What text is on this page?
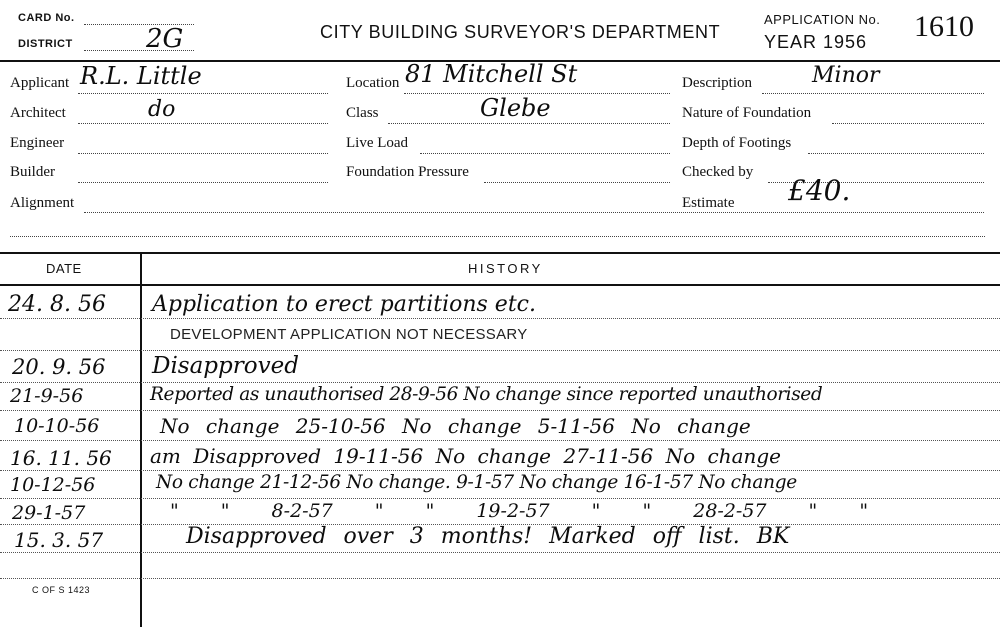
CARD No.
DISTRICT	2G	CITY BUILDING SURVEYOR'S DEPARTMENT
APPLICATION No.
YEAR 1956 1610
Applicant R.L. Little
Architect	do
Engineer
Builder
Alignment
Location 81 Mitchell St
Class	Glebe
Live Load
Foundation Pressure
Description	Minor
Nature of Foundation
Depth of Footings
Checked by
Estimate £40.
DATE	HISTORY
24. 8. 56 Application to erect partitions etc.
DEVELOPMENT APPLICATION NOT NECESSARY
20. 9. 56 Disapproved
21-9-56	Reported as unauthorised 28-9-56 No change since reported unauthorised
10-10-56	No change 25-10-56 No change 5-11-56 No change
16. 11. 56 am Disapproved 19-11-56 No change 27-11-56 No change
10-12-56	No change 21-12-56 No change. 9-1-57 No change 16-1-57 No change
29-1-57	" " 8-2-57 " " 19-2-57 " " 28-2-57 " "
15. 3. 57	Disapproved over 3 months! Marked off list. BK
C OF S 1423
